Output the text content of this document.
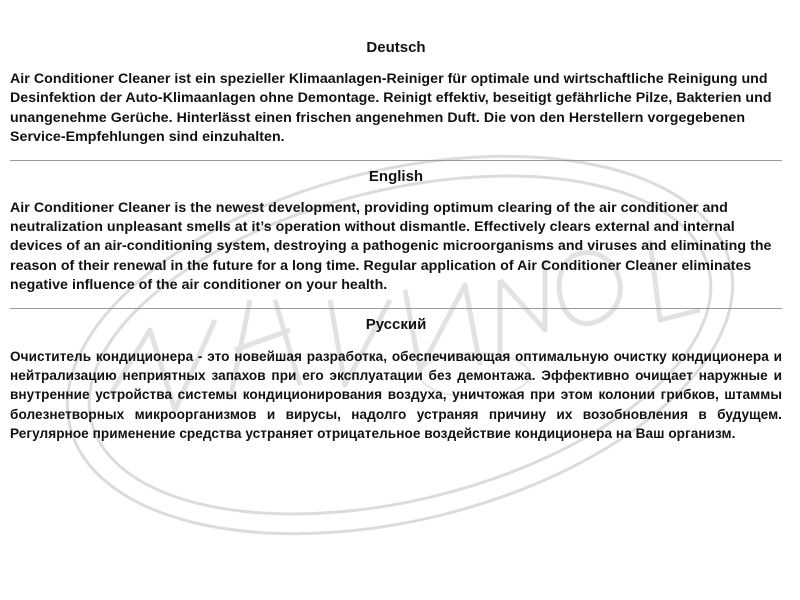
Deutsch

Air Conditioner Cleaner ist ein spezieller Klimaanlagen-Reiniger für optimale und wirtschaftliche Reinigung und Desinfektion der Auto-Klimaanlagen ohne Demontage. Reinigt effektiv, beseitigt gefährliche Pilze, Bakterien und unangenehme Gerüche. Hinterlässt einen frischen angenehmen Duft. Die von den Herstellern vorgegebenen Service-Empfehlungen sind einzuhalten.

English

Air Conditioner Cleaner is the newest development, providing optimum clearing of the air conditioner and neutralization unpleasant smells at it’s operation without dismantle. Effectively clears external and internal devices of an air-conditioning system, destroying a pathogenic microorganisms and viruses and eliminating the reason of their renewal in the future for a long time. Regular application of Air Conditioner Cleaner eliminates negative influence of the air conditioner on your health.

Русский

Очиститель кондиционера - это новейшая разработка, обеспечивающая оптимальную очистку кондиционера и нейтрализацию неприятных запахов при его эксплуатации без демонтажа. Эффективно очищает наружные и внутренние устройства системы кондиционирования воздуха, уничтожая при этом колонии грибков, штаммы болезнетворных микроорганизмов и вирусы, надолго устраняя причину их возобновления в будущем. Регулярное применение средства устраняет отрицательное воздействие кондиционера на Ваш организм.
